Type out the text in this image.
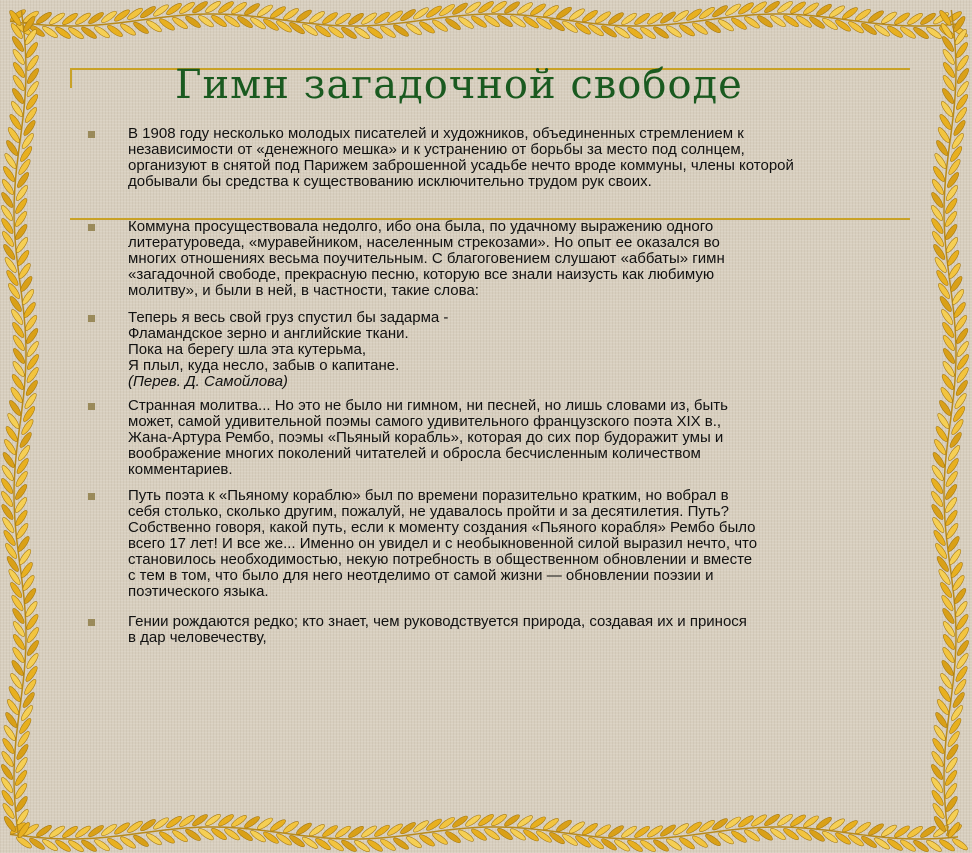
Гимн загадочной свободе

В 1908 году несколько молодых писателей и художников, объединенных стремлением к
независимости от «денежного мешка» и к устранению от борьбы за место под солнцем,
организуют в снятой под Парижем заброшенной усадьбе нечто вроде коммуны, члены которой
добывали бы средства к существованию исключительно трудом рук своих.

Коммуна просуществовала недолго, ибо она была, по удачному выражению одного
литературоведа, «муравейником, населенным стрекозами». Но опыт ее оказался во
многих отношениях весьма поучительным. С благоговением слушают «аббаты» гимн
«загадочной свободе, прекрасную песню, которую все знали наизусть как любимую
молитву», и были в ней, в частности, такие слова:

Теперь я весь свой груз спустил бы задарма -
Фламандское зерно и английские ткани.
Пока на берегу шла эта кутерьма,
Я плыл, куда несло, забыв о капитане.
(Перев. Д. Самойлова)

Странная молитва... Но это не было ни гимном, ни песней, но лишь словами из, быть
может, самой удивительной поэмы самого удивительного французского поэта XIX в.,
Жана-Артура Рембо, поэмы «Пьяный корабль», которая до сих пор будоражит умы и
воображение многих поколений читателей и обросла бесчисленным количеством
комментариев.

Путь поэта к «Пьяному кораблю» был по времени поразительно кратким, но вобрал в
себя столько, сколько другим, пожалуй, не удавалось пройти и за десятилетия. Путь?
Собственно говоря, какой путь, если к моменту создания «Пьяного корабля» Рембо было
всего 17 лет! И все же... Именно он увидел и с необыкновенной силой выразил нечто, что
становилось необходимостью, некую потребность в общественном обновлении и вместе
с тем в том, что было для него неотделимо от самой жизни — обновлении поэзии и
поэтического языка.

Гении рождаются редко; кто знает, чем руководствуется природа, создавая их и принося
в дар человечеству,
